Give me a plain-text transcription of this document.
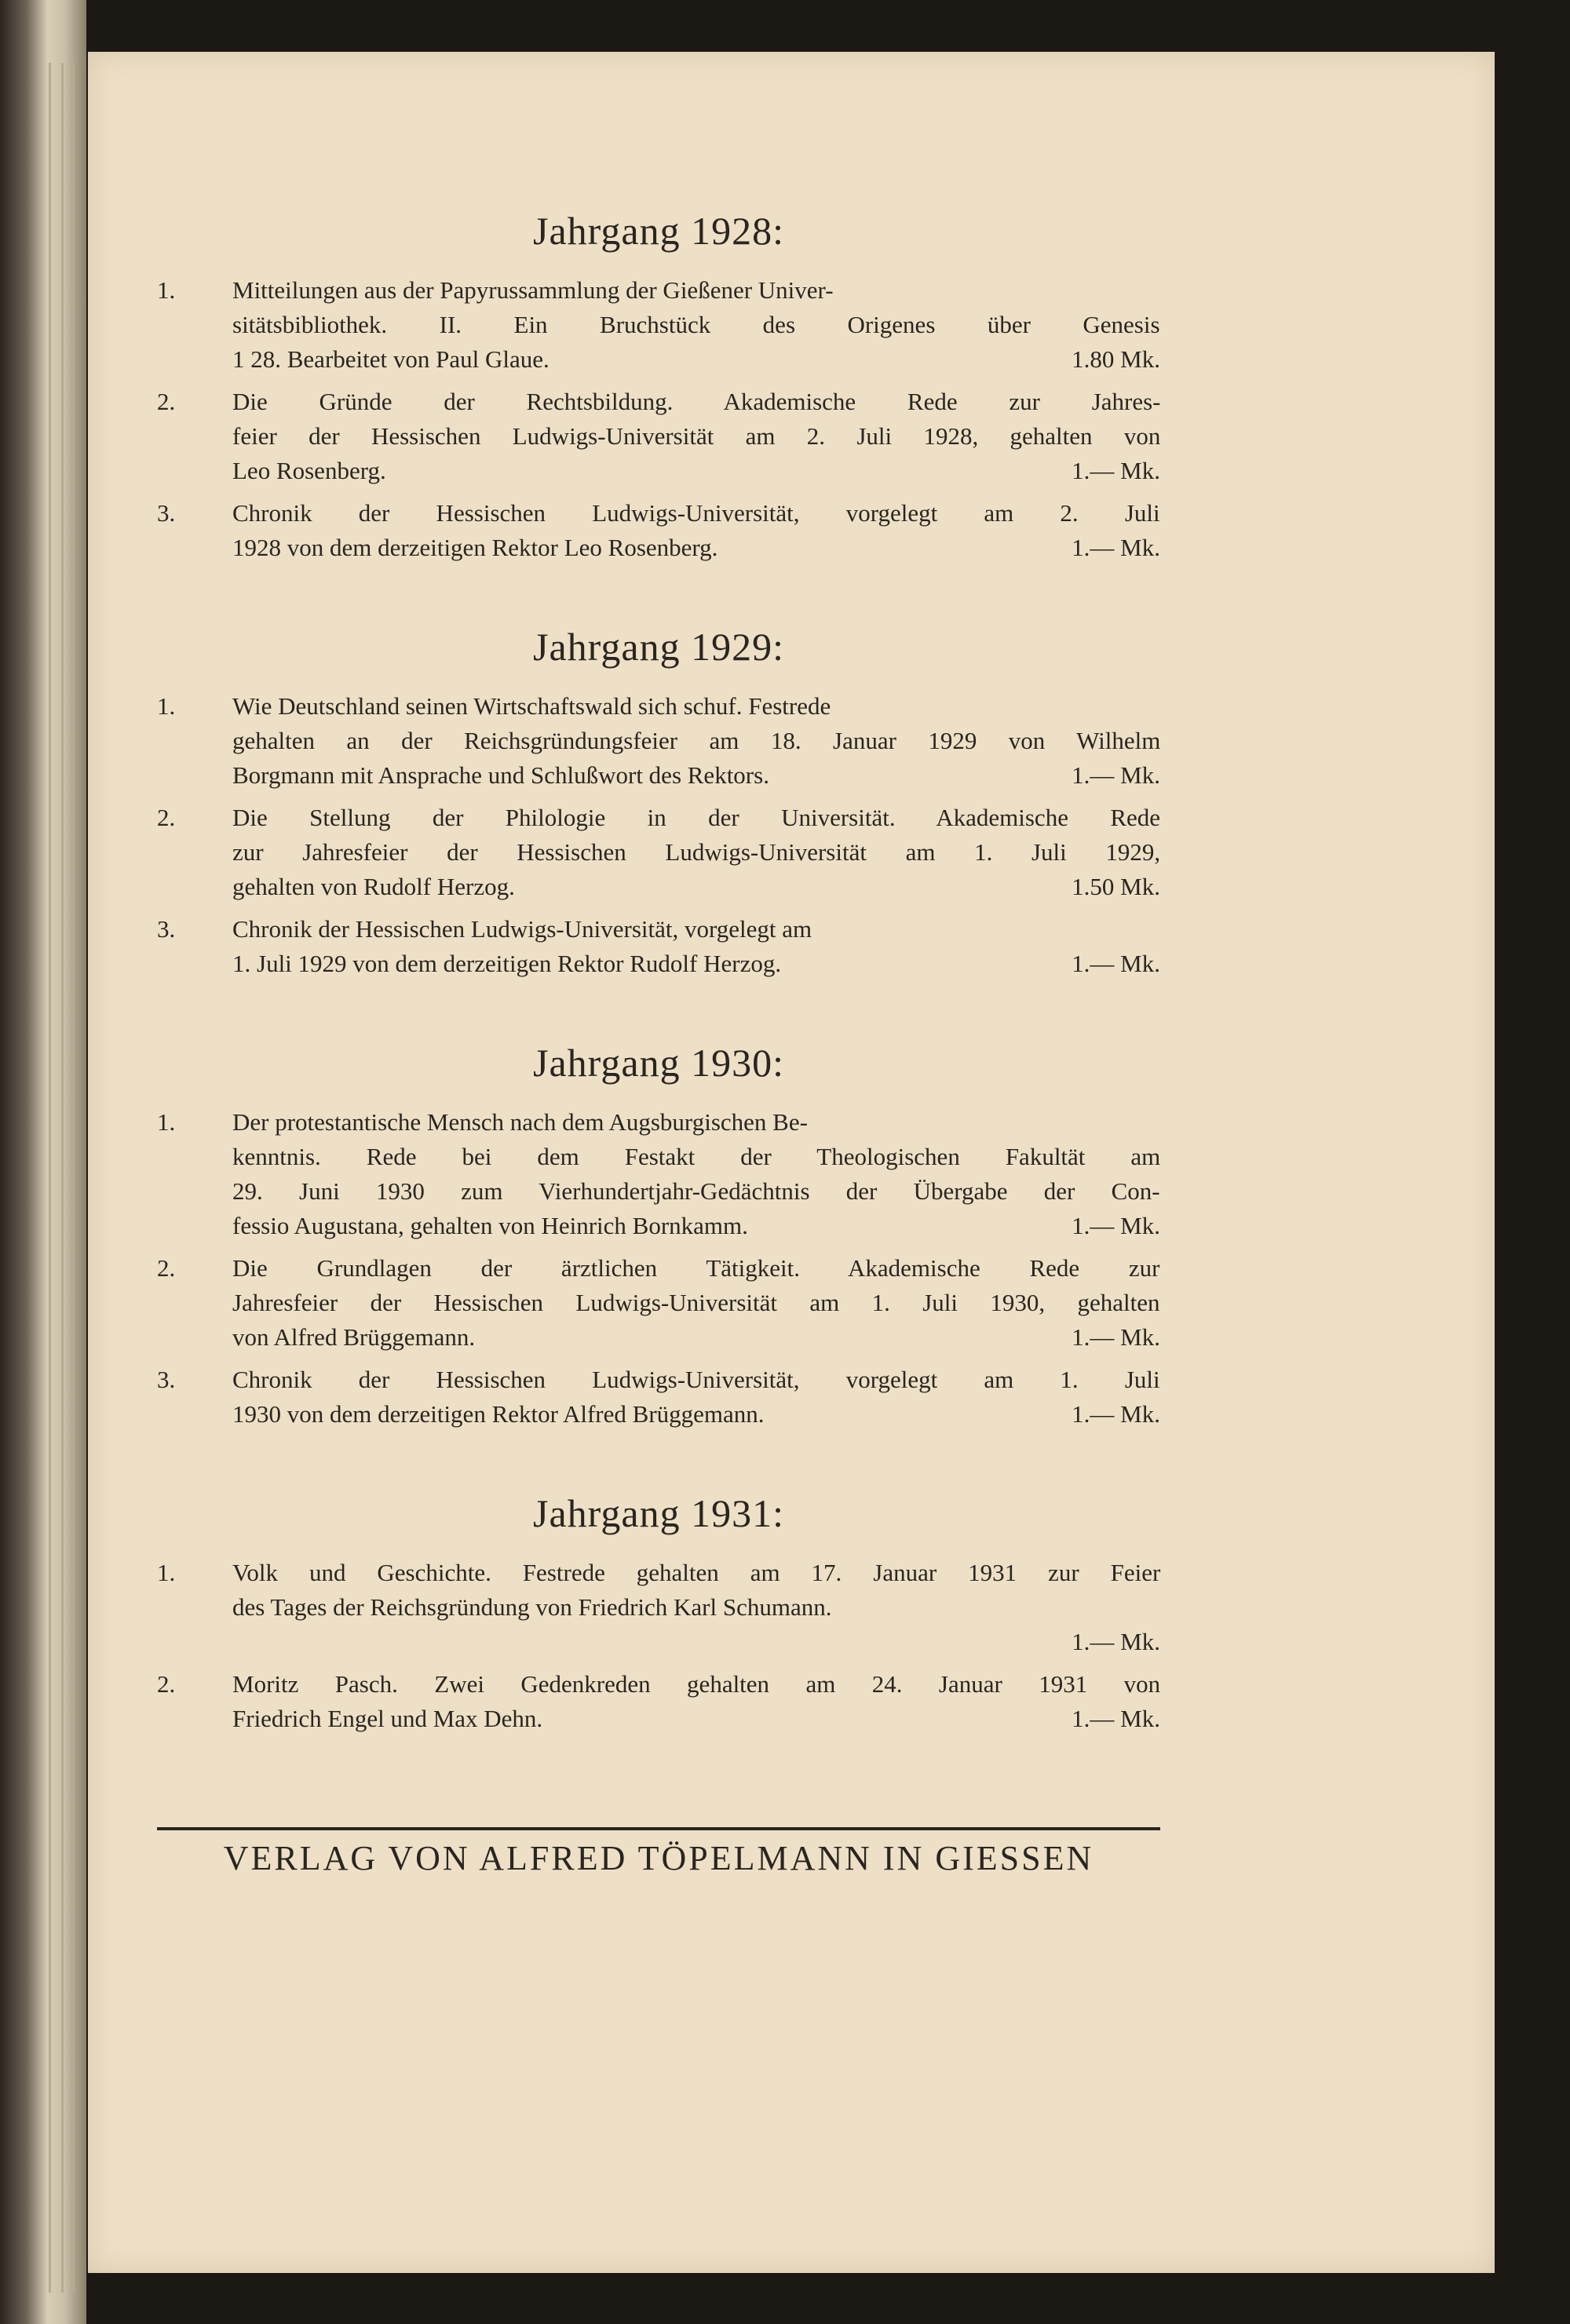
Jahrgang 1928:
1. Mitteilungen aus der Papyrussammlung der Gießener Univer-
sitätsbibliothek. II. Ein Bruchstück des Origenes über Genesis
1 28. Bearbeitet von Paul Glaue.	1.80 Mk.
2. Die Gründe der Rechtsbildung. Akademische Rede zur Jahres-
feier der Hessischen Ludwigs-Universität am 2. Juli 1928, gehalten von
Leo Rosenberg.	1.— Mk.
3. Chronik der Hessischen Ludwigs-Universität, vorgelegt am 2. Juli
1928 von dem derzeitigen Rektor Leo Rosenberg.	1.— Mk.
Jahrgang 1929:
1. Wie Deutschland seinen Wirtschaftswald sich schuf. Festrede
gehalten an der Reichsgründungsfeier am 18. Januar 1929 von Wilhelm
Borgmann mit Ansprache und Schlußwort des Rektors.	1.— Mk.
2. Die Stellung der Philologie in der Universität. Akademische Rede
zur Jahresfeier der Hessischen Ludwigs-Universität am 1. Juli 1929,
gehalten von Rudolf Herzog.	1.50 Mk.
3. Chronik der Hessischen Ludwigs-Universität, vorgelegt am
1. Juli 1929 von dem derzeitigen Rektor Rudolf Herzog.	1.— Mk.
Jahrgang 1930:
1. Der protestantische Mensch nach dem Augsburgischen Be-
kenntnis. Rede bei dem Festakt der Theologischen Fakultät am
29. Juni 1930 zum Vierhundertjahr-Gedächtnis der Übergabe der Con-
fessio Augustana, gehalten von Heinrich Bornkamm.	1.— Mk.
2. Die Grundlagen der ärztlichen Tätigkeit. Akademische Rede zur
Jahresfeier der Hessischen Ludwigs-Universität am 1. Juli 1930, gehalten
von Alfred Brüggemann.	1.— Mk.
3. Chronik der Hessischen Ludwigs-Universität, vorgelegt am 1. Juli
1930 von dem derzeitigen Rektor Alfred Brüggemann.	1.— Mk.
Jahrgang 1931:
1. Volk und Geschichte. Festrede gehalten am 17. Januar 1931 zur Feier
des Tages der Reichsgründung von Friedrich Karl Schumann.
1.— Mk.
2. Moritz Pasch. Zwei Gedenkreden gehalten am 24. Januar 1931 von
Friedrich Engel und Max Dehn.	1.— Mk.
VERLAG VON ALFRED TÖPELMANN IN GIESSEN
